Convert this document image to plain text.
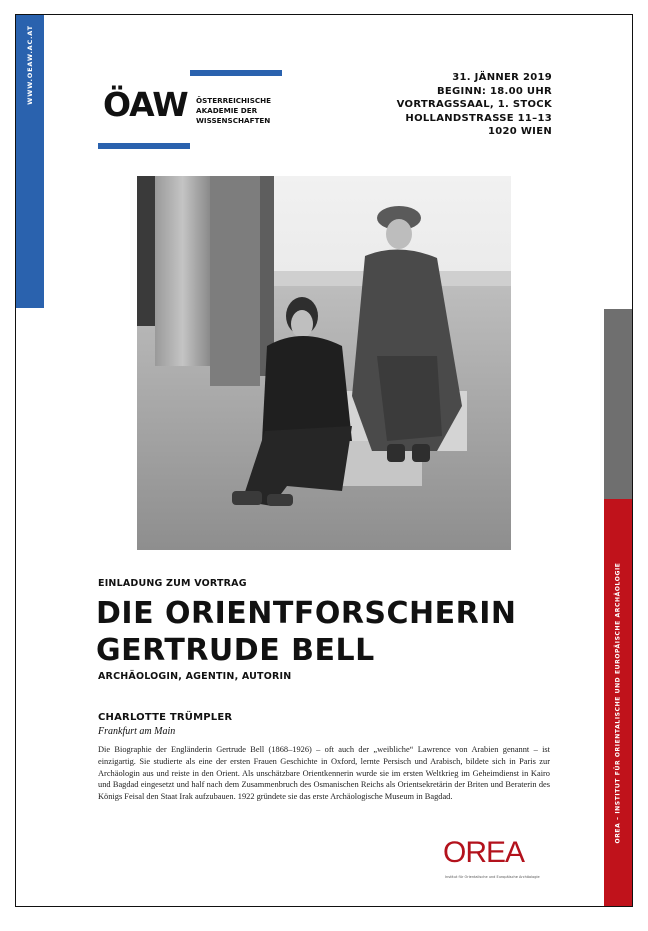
WWW.OEAW.AC.AT
OREA – INSTITUT FÜR ORIENTALISCHE UND EUROPÄISCHE ARCHÄOLOGIE
ÖAW ÖSTERREICHISCHE
AKADEMIE DER
WISSENSCHAFTEN
31. JÄNNER 2019
BEGINN: 18.00 UHR
VORTRAGSSAAL, 1. STOCK
HOLLANDSTRASSE 11–13
1020 WIEN
EINLADUNG ZUM VORTRAG
DIE ORIENTFORSCHERIN
GERTRUDE BELL
ARCHÄOLOGIN, AGENTIN, AUTORIN
CHARLOTTE TRÜMPLER
Frankfurt am Main
Die Biographie der Engländerin Gertrude Bell (1868–1926) – oft auch der „weibliche“ Lawrence von Arabien genannt – ist einzigartig. Sie studierte als eine der ersten Frauen Geschichte in Oxford, lernte Persisch und Arabisch, bildete sich in Paris zur Archäologin aus und reiste in den Orient. Als unschätzbare Orientkennerin wurde sie im ersten Weltkrieg im Geheimdienst in Kairo und Bagdad eingesetzt und half nach dem Zusammenbruch des Osmanischen Reichs als Orientsekretärin der Briten und Beraterin des Königs Feisal den Staat Irak aufzubauen. 1922 gründete sie das erste Archäologische Museum in Bagdad.
OREA
Institut für Orientalische und Europäische Archäologie
